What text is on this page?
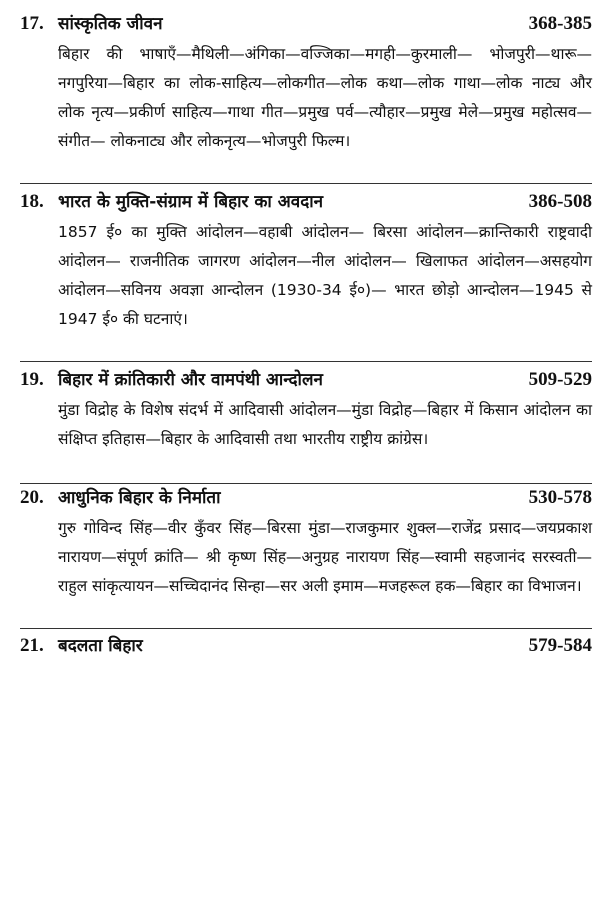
17. सांस्कृतिक जीवन	368-385
बिहार की भाषाएँ—मैथिली—अंगिका—वज्जिका—मगही—कुरमाली— भोजपुरी—थारू—नगपुरिया—बिहार का लोक-साहित्य—लोकगीत—लोक कथा—लोक गाथा—लोक नाट्य और लोक नृत्य—प्रकीर्ण साहित्य—गाथा गीत—प्रमुख पर्व—त्यौहार—प्रमुख मेले—प्रमुख महोत्सव—संगीत— लोकनाट्य और लोकनृत्य—भोजपुरी फिल्म।
18. भारत के मुक्ति-संग्राम में बिहार का अवदान	386-508
1857 ई० का मुक्ति आंदोलन—वहाबी आंदोलन— बिरसा आंदोलन—क्रान्तिकारी राष्ट्रवादी आंदोलन— राजनीतिक जागरण आंदोलन—नील आंदोलन— खिलाफत आंदोलन—असहयोग आंदोलन—सविनय अवज्ञा आन्दोलन (1930-34 ई०)— भारत छोड़ो आन्दोलन—1945 से 1947 ई० की घटनाएं।
19. बिहार में क्रांतिकारी और वामपंथी आन्दोलन	509-529
मुंडा विद्रोह के विशेष संदर्भ में आदिवासी आंदोलन—मुंडा विद्रोह—बिहार में किसान आंदोलन का संक्षिप्त इतिहास—बिहार के आदिवासी तथा भारतीय राष्ट्रीय क्रांग्रेस।
20. आधुनिक बिहार के निर्माता	530-578
गुरु गोविन्द सिंह—वीर कुँवर सिंह—बिरसा मुंडा—राजकुमार शुक्ल—राजेंद्र प्रसाद—जयप्रकाश नारायण—संपूर्ण क्रांति— श्री कृष्ण सिंह—अनुग्रह नारायण सिंह—स्वामी सहजानंद सरस्वती—राहुल सांकृत्यायन—सच्चिदानंद सिन्हा—सर अली इमाम—मजहरूल हक—बिहार का विभाजन।
21. बदलता बिहार	579-584
